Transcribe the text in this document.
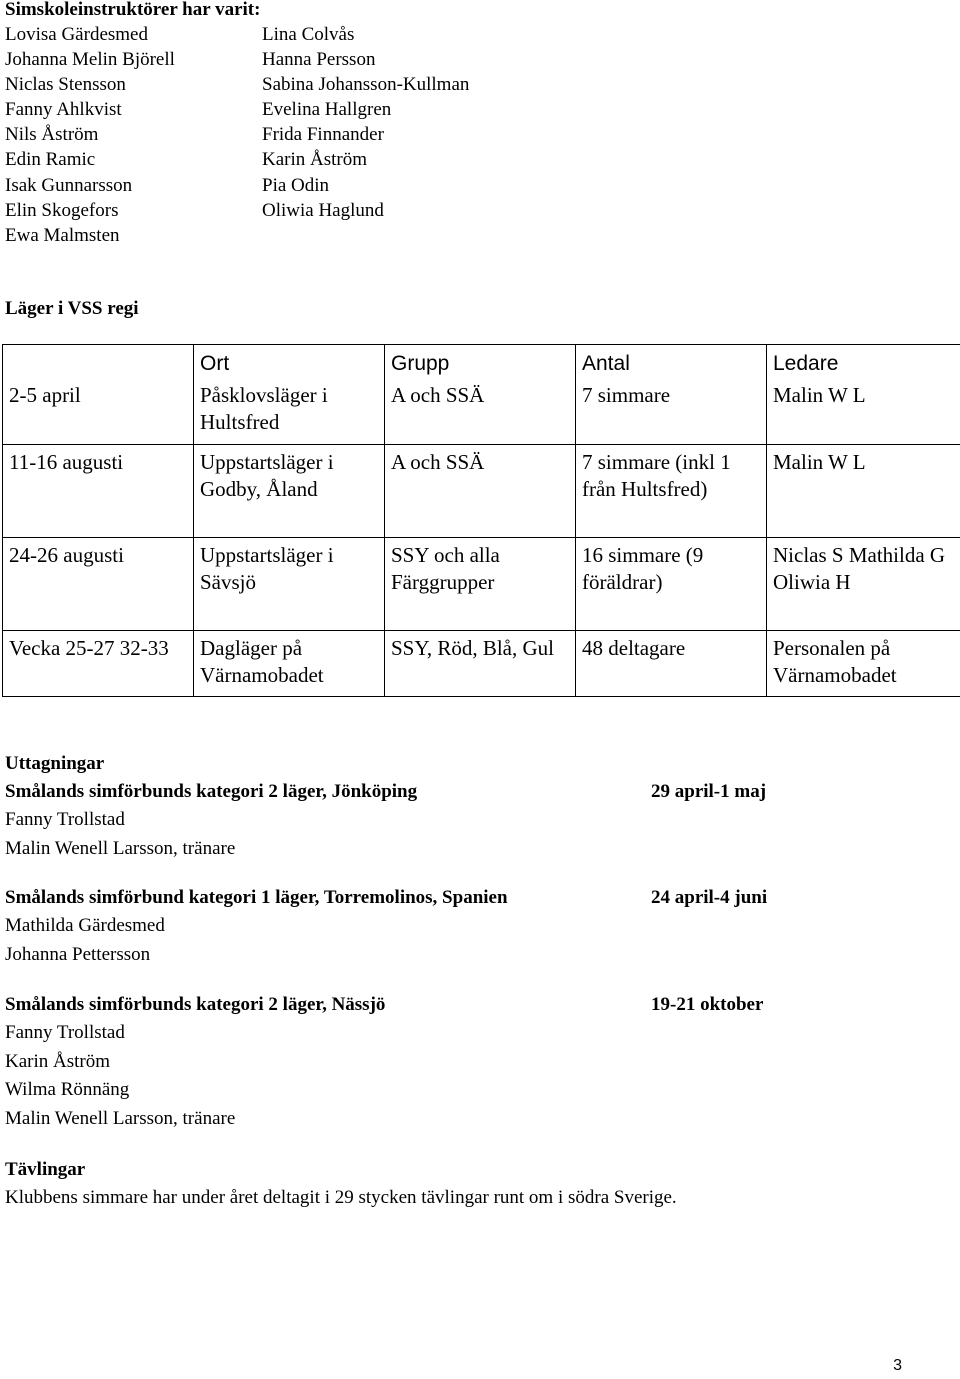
Simskoleinstruktörer har varit:
Lovisa Gärdesmed
Johanna Melin Björell
Niclas Stensson
Fanny Ahlkvist
Nils Åström
Edin Ramic
Isak Gunnarsson
Elin Skogefors
Ewa Malmsten
Lina Colvås
Hanna Persson
Sabina Johansson-Kullman
Evelina Hallgren
Frida Finnander
Karin Åström
Pia Odin
Oliwia Haglund
Läger i VSS regi
	Ort	Grupp	Antal	Ledare
2-5 april	Påsklovsläger i Hultsfred	A och SSÄ	7 simmare	Malin W L
11-16 augusti	Uppstartsläger i Godby, Åland	A och SSÄ	7 simmare (inkl 1 från Hultsfred)	Malin W L
24-26 augusti	Uppstartsläger i Sävsjö	SSY och alla Färggrupper	16 simmare (9 föräldrar)	Niclas S Mathilda G Oliwia H
Vecka 25-27 32-33	Dagläger på Värnamobadet	SSY, Röd, Blå, Gul	48 deltagare	Personalen på Värnamobadet
Uttagningar
Smålands simförbunds kategori 2 läger, Jönköping
Fanny Trollstad
Malin Wenell Larsson, tränare
29 april-1 maj
Smålands simförbund kategori 1 läger, Torremolinos, Spanien
Mathilda Gärdesmed
Johanna Pettersson
24 april-4 juni
Smålands simförbunds kategori 2 läger, Nässjö
Fanny Trollstad
Karin Åström
Wilma Rönnäng
Malin Wenell Larsson, tränare
19-21 oktober
Tävlingar
Klubbens simmare har under året deltagit i 29 stycken tävlingar runt om i södra Sverige.
3
